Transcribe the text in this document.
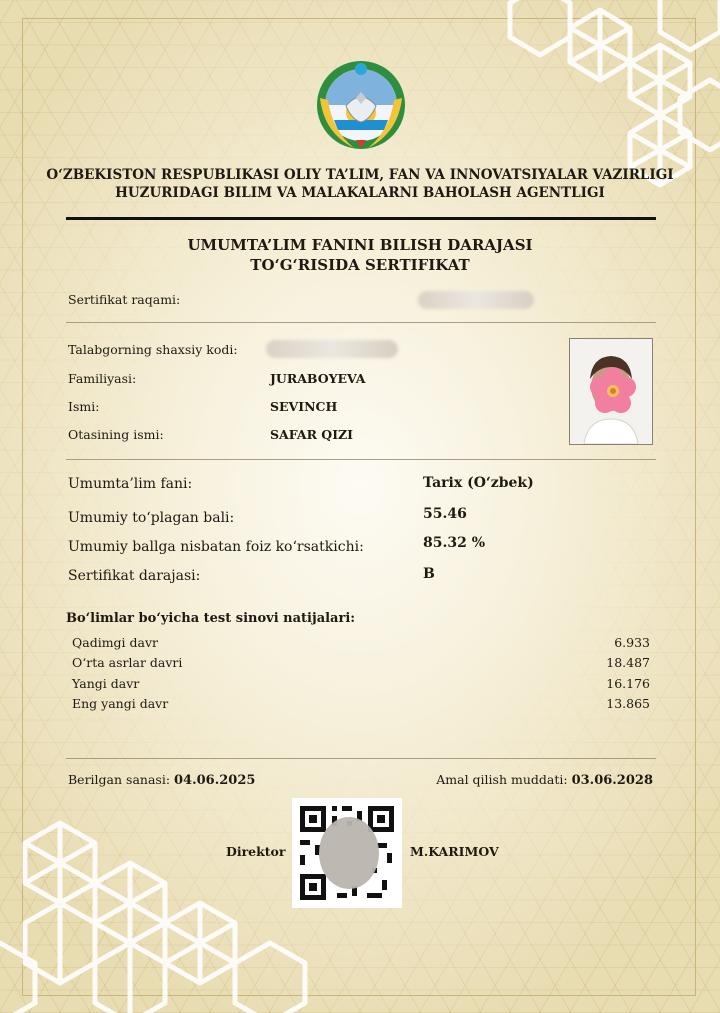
O‘ZBEKISTON RESPUBLIKASI OLIY TA’LIM, FAN VA INNOVATSIYALAR VAZIRLIGI
HUZURIDAGI BILIM VA MALAKALARNI BAHOLASH AGENTLIGI
UMUMTA’LIM FANINI BILISH DARAJASI
TO‘G‘RISIDA SERTIFIKAT
Sertifikat raqami:
Talabgorning shaxsiy kodi:
Familiyasi:	JURABOYEVA
Ismi:	SEVINCH
Otasining ismi:	SAFAR QIZI
Umumta’lim fani:	Tarix (O‘zbek)
Umumiy to‘plagan bali:	55.46
Umumiy ballga nisbatan foiz ko‘rsatkichi:	85.32 %
Sertifikat darajasi:	B
Bo‘limlar bo‘yicha test sinovi natijalari:
Qadimgi davr	6.933
O‘rta asrlar davri	18.487
Yangi davr	16.176
Eng yangi davr	13.865
Berilgan sanasi: 04.06.2025	Amal qilish muddati: 03.06.2028
Direktor	M.KARIMOV
